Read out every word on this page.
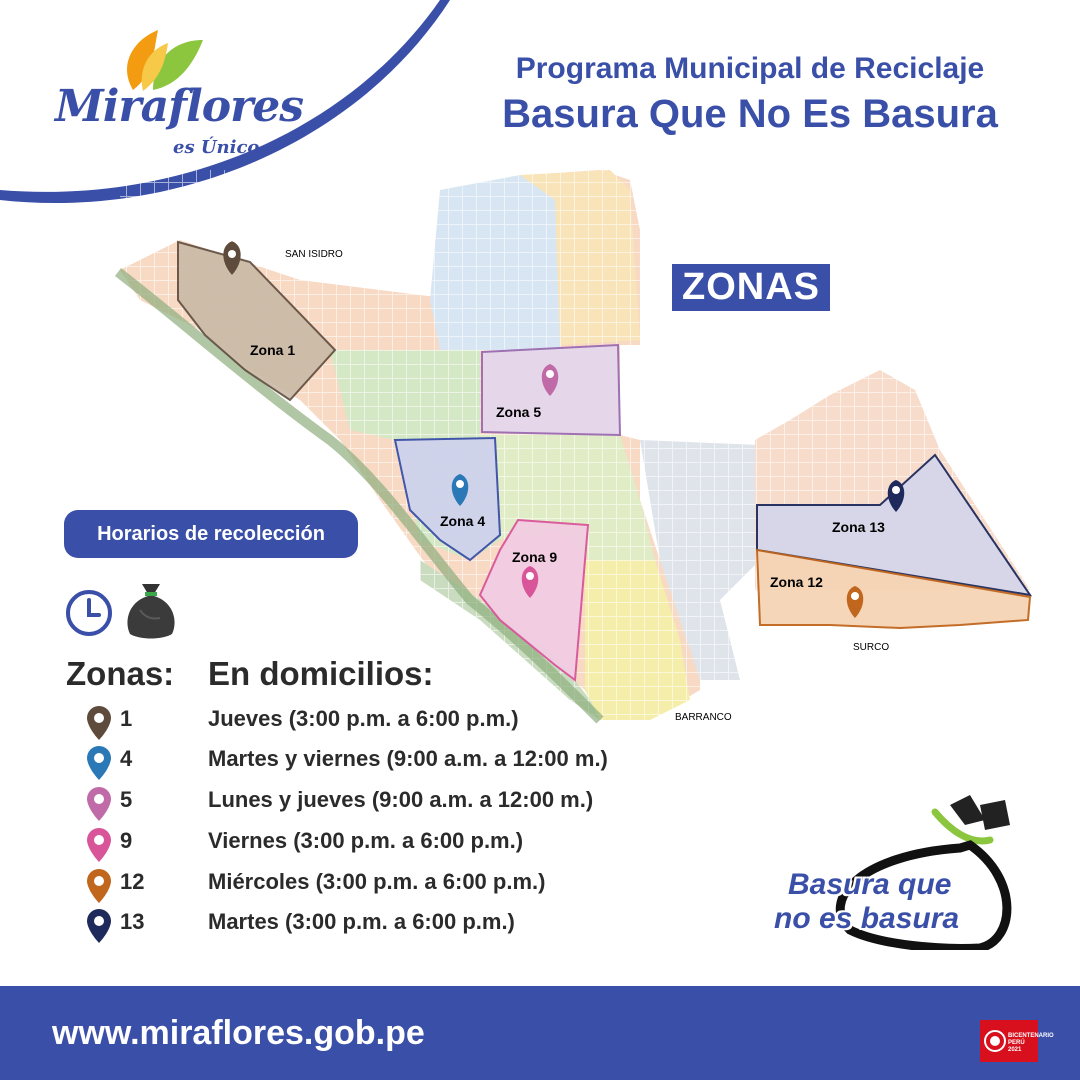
Miraflores
es Único
Programa Municipal de Reciclaje
Basura Que No Es Basura
SAN ISIDRO
SURCO
BARRANCO
Zona 1
Zona 4
Zona 5
Zona 9
Zona 12
Zona 13
ZONAS
Horarios de recolección
Zonas: En domicilios:
1	Jueves (3:00 p.m. a 6:00 p.m.)
4	Martes y viernes (9:00 a.m. a 12:00 m.)
5	Lunes y jueves (9:00 a.m. a 12:00 m.)
9	Viernes (3:00 p.m. a 6:00 p.m.)
12	Miércoles (3:00 p.m. a 6:00 p.m.)
13	Martes (3:00 p.m. a 6:00 p.m.)
Basura que
no es basura
www.miraflores.gob.pe	BICENTENARIO PERÚ 2021
